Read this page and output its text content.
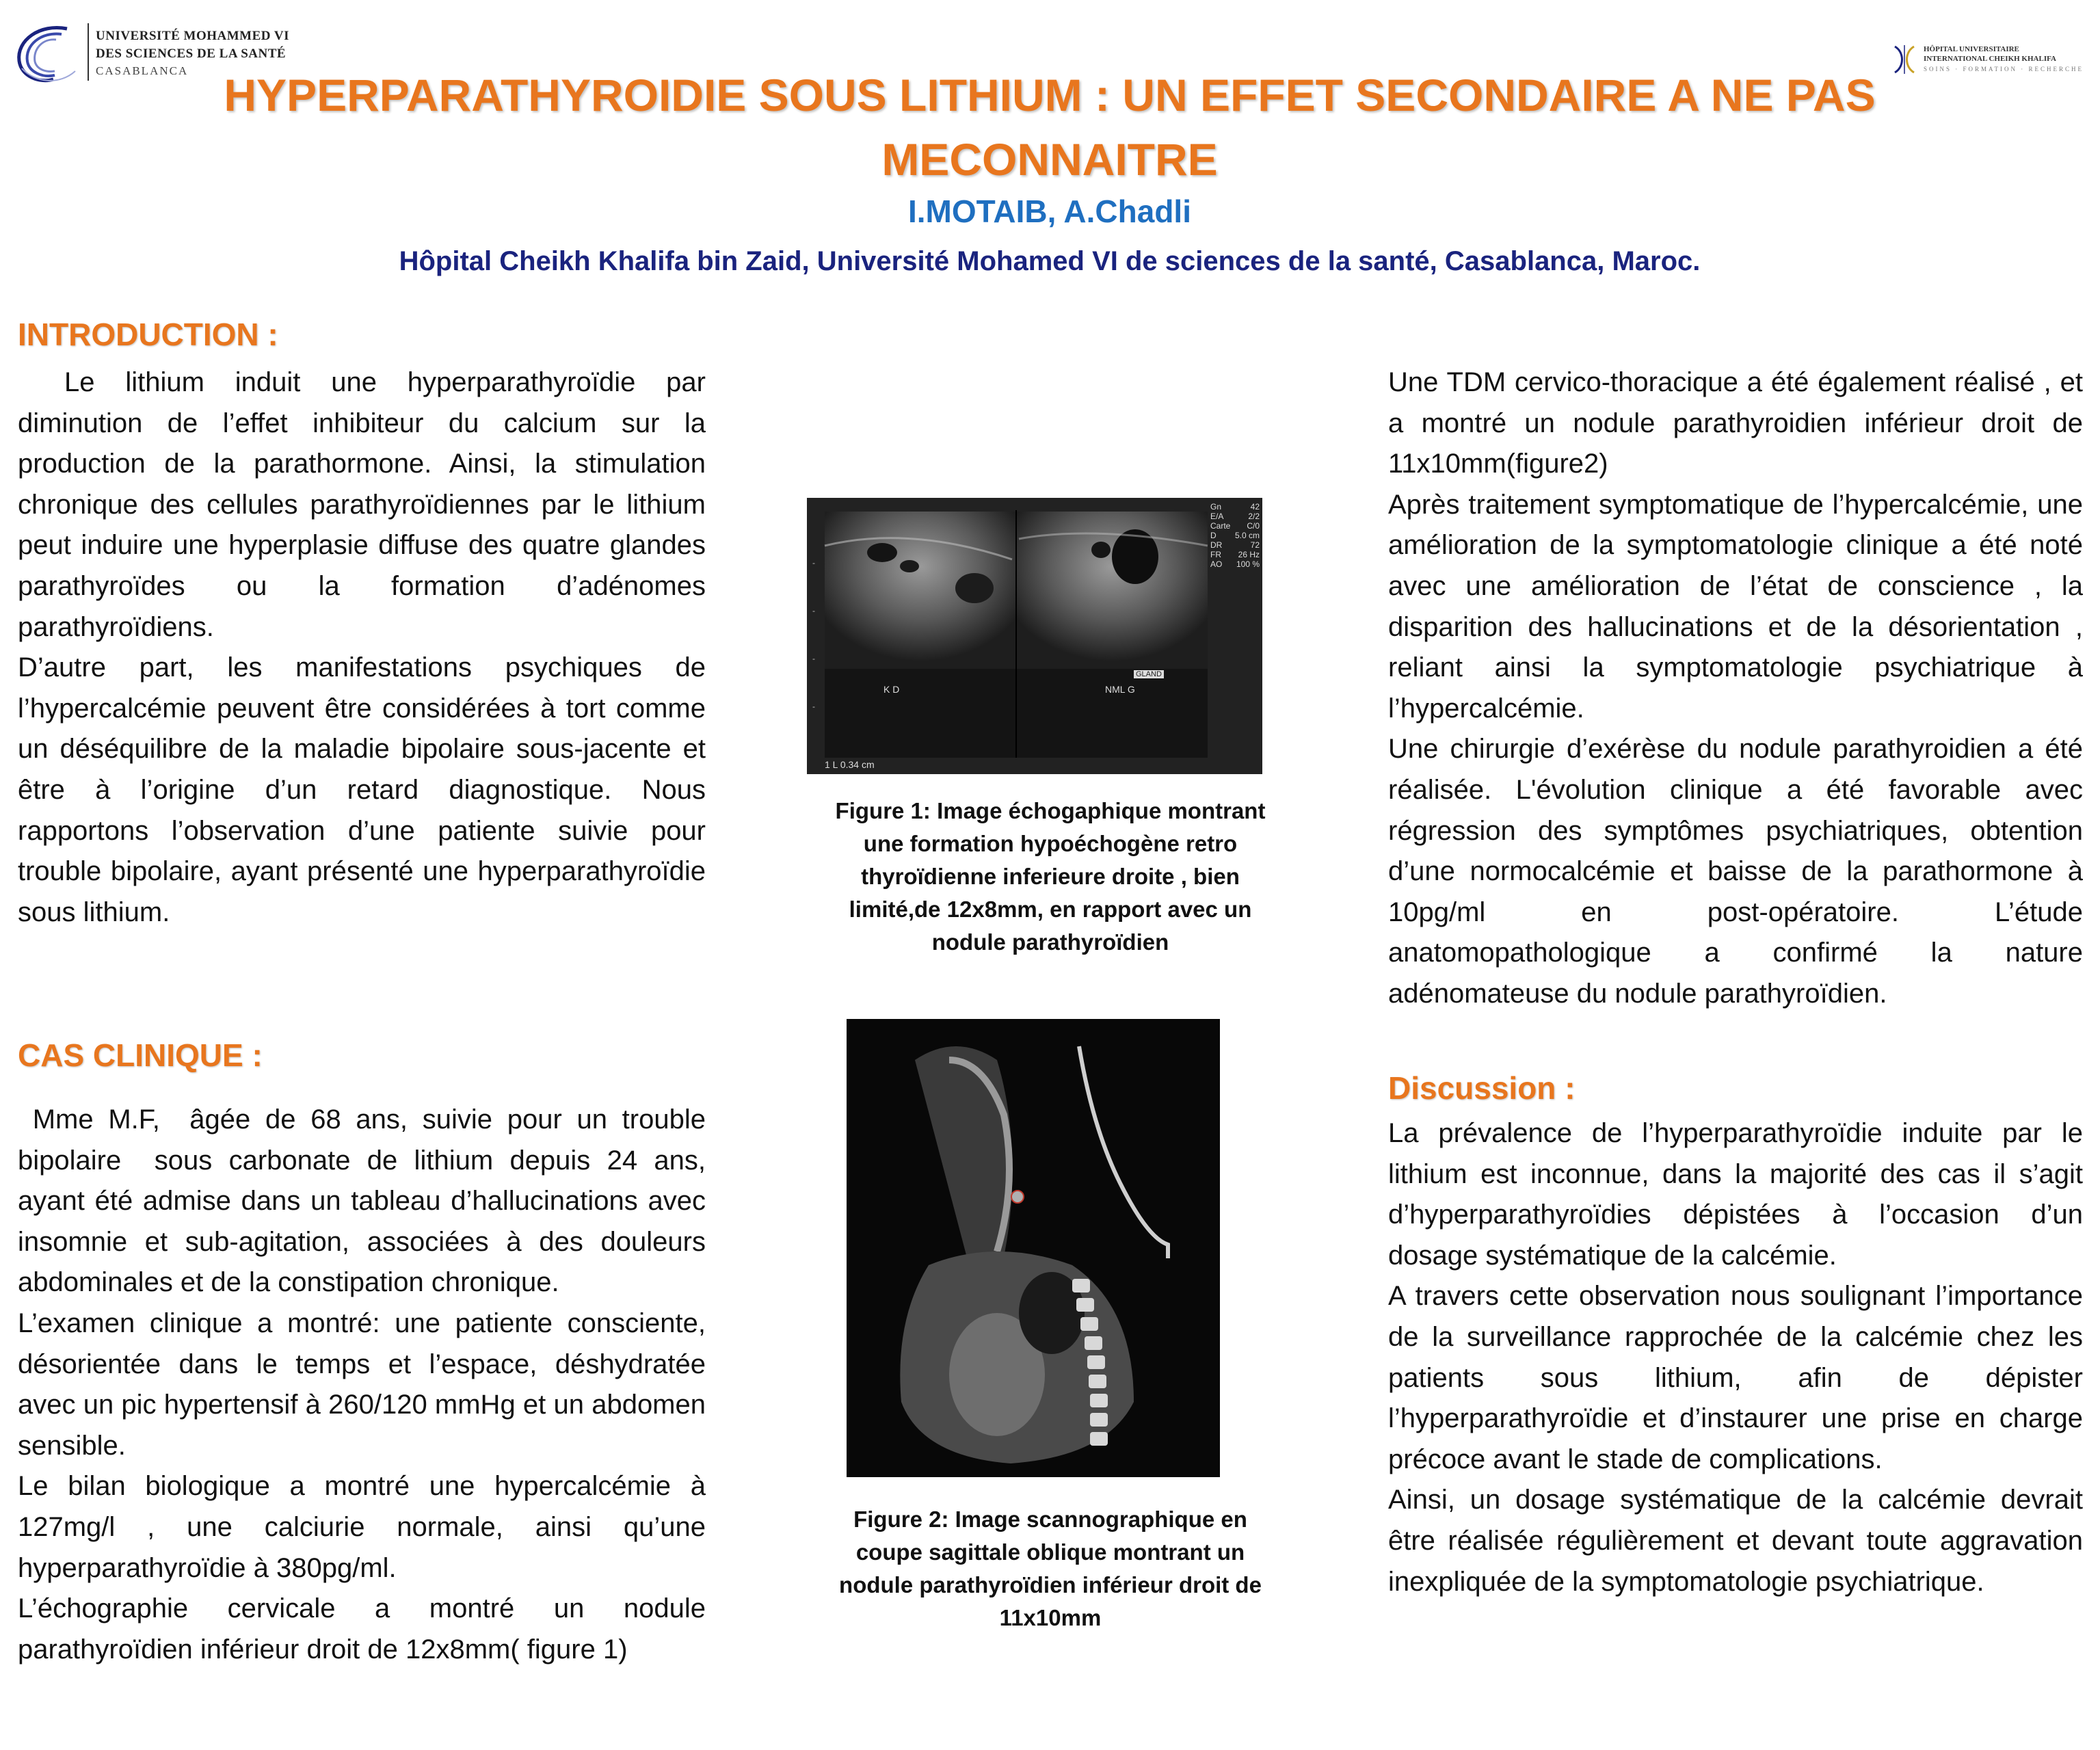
UNIVERSITÉ MOHAMMED VI
DES SCIENCES DE LA SANTÉ
CASABLANCA
HÔPITAL UNIVERSITAIRE
INTERNATIONAL CHEIKH KHALIFA
SOINS · FORMATION · RECHERCHE
HYPERPARATHYROIDIE SOUS LITHIUM : UN EFFET SECONDAIRE A NE PAS MECONNAITRE
I.MOTAIB, A.Chadli
Hôpital Cheikh Khalifa bin Zaid, Université Mohamed VI de sciences de la santé, Casablanca, Maroc.
INTRODUCTION :

Le lithium induit une hyperparathyroïdie par diminution de l’effet inhibiteur du calcium sur la production de la parathormone. Ainsi, la stimulation chronique des cellules parathyroïdiennes par le lithium peut induire une hyperplasie diffuse des quatre glandes parathyroïdes ou la formation d’adénomes parathyroïdiens.

D’autre part, les manifestations psychiques de l’hypercalcémie peuvent être considérées à tort comme un déséquilibre de la maladie bipolaire sous-jacente et être à l’origine d’un retard diagnostique. Nous rapportons l’observation d’une patiente suivie pour trouble bipolaire, ayant présenté une hyperparathyroïdie sous lithium.

CAS CLINIQUE :

Mme M.F,  âgée de 68 ans, suivie pour un trouble bipolaire  sous carbonate de lithium depuis 24 ans, ayant été admise dans un tableau d’hallucinations avec insomnie et sub-agitation, associées à des douleurs abdominales et de la constipation chronique.

L’examen clinique a montré: une patiente consciente, désorientée dans le temps et l’espace, déshydratée avec un pic hypertensif à 260/120 mmHg et un abdomen sensible.

Le bilan biologique a montré une hypercalcémie à 127mg/l , une calciurie normale, ainsi qu’une hyperparathyroïdie à 380pg/ml.

L’échographie cervicale a montré un nodule parathyroïdien inférieur droit de 12x8mm( figure 1)

K D	NML G
GLAND
1 L 0.34 cm
Gn	42
E/A	2/2
Carte C/0
D 5.0 cm
DR	72
FR 26 Hz
AO 100 %
-
-
-
-
Figure 1: Image échogaphique montrant une formation hypoéchogène retro thyroïdienne inferieure droite , bien limité,de 12x8mm, en rapport avec un nodule parathyroïdien
Figure 2: Image scannographique en coupe sagittale oblique montrant un nodule parathyroïdien inférieur droit de 11x10mm

Une TDM cervico-thoracique a été également réalisé , et a montré un nodule parathyroidien inférieur droit de 11x10mm(figure2)

Après traitement symptomatique de l’hypercalcémie, une amélioration de la symptomatologie clinique a été noté avec une amélioration de l’état de conscience , la disparition des hallucinations et de la désorientation , reliant ainsi la symptomatologie psychiatrique à l’hypercalcémie.

Une chirurgie d’exérèse du nodule parathyroidien a été réalisée. L'évolution clinique a été favorable avec régression des symptômes psychiatriques, obtention d’une normocalcémie et baisse de la parathormone à 10pg/ml en post-opératoire. L’étude anatomopathologique a confirmé la nature adénomateuse du nodule parathyroïdien.

Discussion :

La prévalence de l’hyperparathyroïdie induite par le lithium est inconnue, dans la majorité des cas il s’agit d’hyperparathyroïdies dépistées à l’occasion d’un dosage systématique de la calcémie.

A travers cette observation nous soulignant l’importance de la surveillance rapprochée de la calcémie chez les patients sous lithium, afin de dépister l’hyperparathyroïdie et d’instaurer une prise en charge précoce avant le stade de complications.

Ainsi, un dosage systématique de la calcémie devrait être réalisée régulièrement et devant toute aggravation inexpliquée de la symptomatologie psychiatrique.
